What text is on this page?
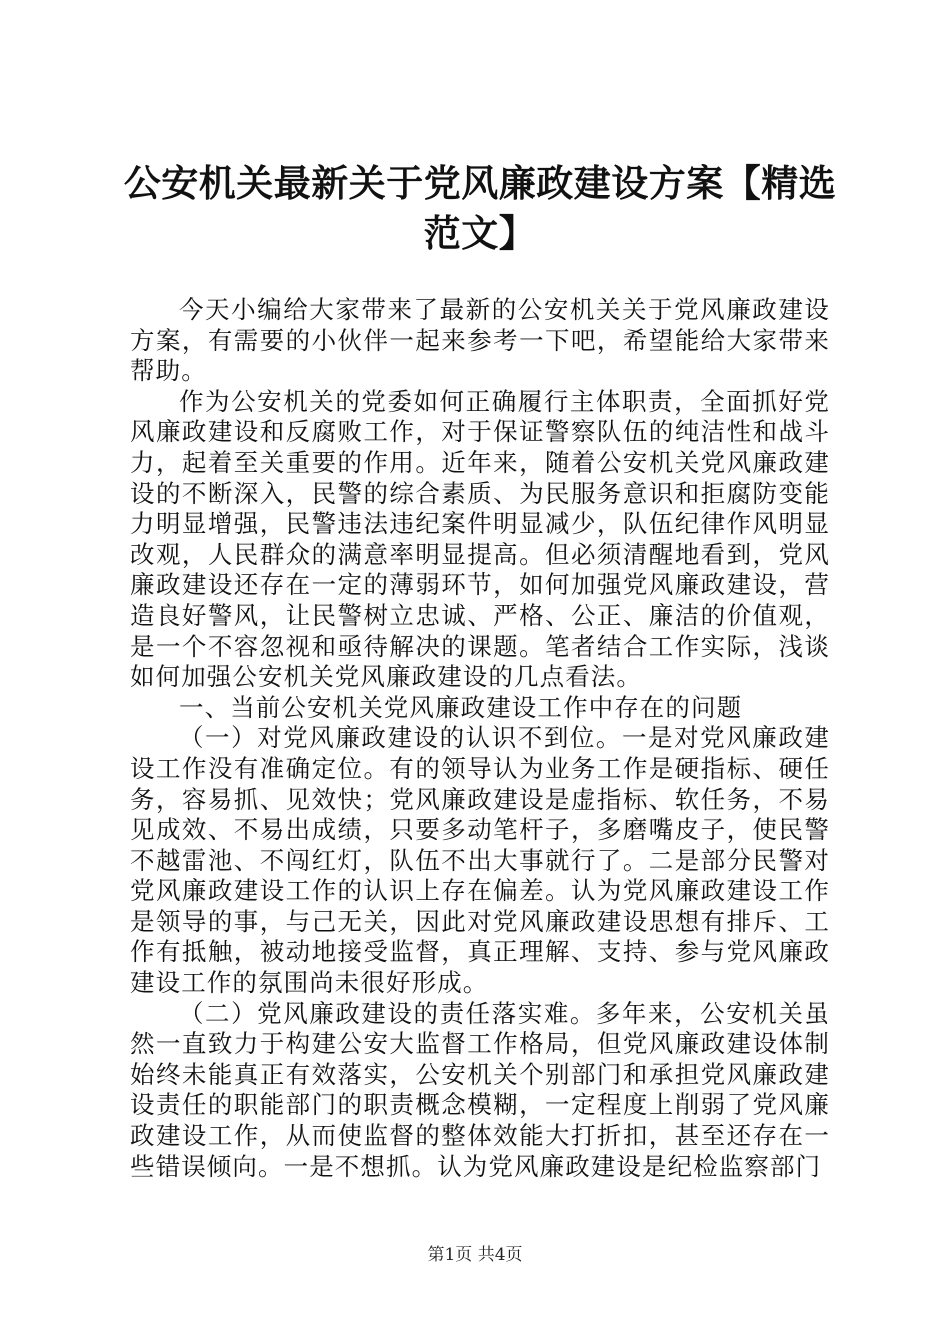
公安机关最新关于党风廉政建设方案【精选范文】

今天小编给大家带来了最新的公安机关关于党风廉政建设方案，有需要的小伙伴一起来参考一下吧，希望能给大家带来帮助。

作为公安机关的党委如何正确履行主体职责，全面抓好党风廉政建设和反腐败工作，对于保证警察队伍的纯洁性和战斗力，起着至关重要的作用。近年来，随着公安机关党风廉政建设的不断深入，民警的综合素质、为民服务意识和拒腐防变能力明显增强，民警违法违纪案件明显减少，队伍纪律作风明显改观，人民群众的满意率明显提高。但必须清醒地看到，党风廉政建设还存在一定的薄弱环节，如何加强党风廉政建设，营造良好警风，让民警树立忠诚、严格、公正、廉洁的价值观，是一个不容忽视和亟待解决的课题。笔者结合工作实际，浅谈如何加强公安机关党风廉政建设的几点看法。

一、当前公安机关党风廉政建设工作中存在的问题

（一）对党风廉政建设的认识不到位。一是对党风廉政建设工作没有准确定位。有的领导认为业务工作是硬指标、硬任务，容易抓、见效快；党风廉政建设是虚指标、软任务，不易见成效、不易出成绩，只要多动笔杆子，多磨嘴皮子，使民警不越雷池、不闯红灯，队伍不出大事就行了。二是部分民警对党风廉政建设工作的认识上存在偏差。认为党风廉政建设工作是领导的事，与己无关，因此对党风廉政建设思想有排斥、工作有抵触，被动地接受监督，真正理解、支持、参与党风廉政建设工作的氛围尚未很好形成。

（二）党风廉政建设的责任落实难。多年来，公安机关虽然一直致力于构建公安大监督工作格局，但党风廉政建设体制始终未能真正有效落实，公安机关个别部门和承担党风廉政建设责任的职能部门的职责概念模糊，一定程度上削弱了党风廉政建设工作，从而使监督的整体效能大打折扣，甚至还存在一些错误倾向。一是不想抓。认为党风廉政建设是纪检监察部门

第1页 共4页
